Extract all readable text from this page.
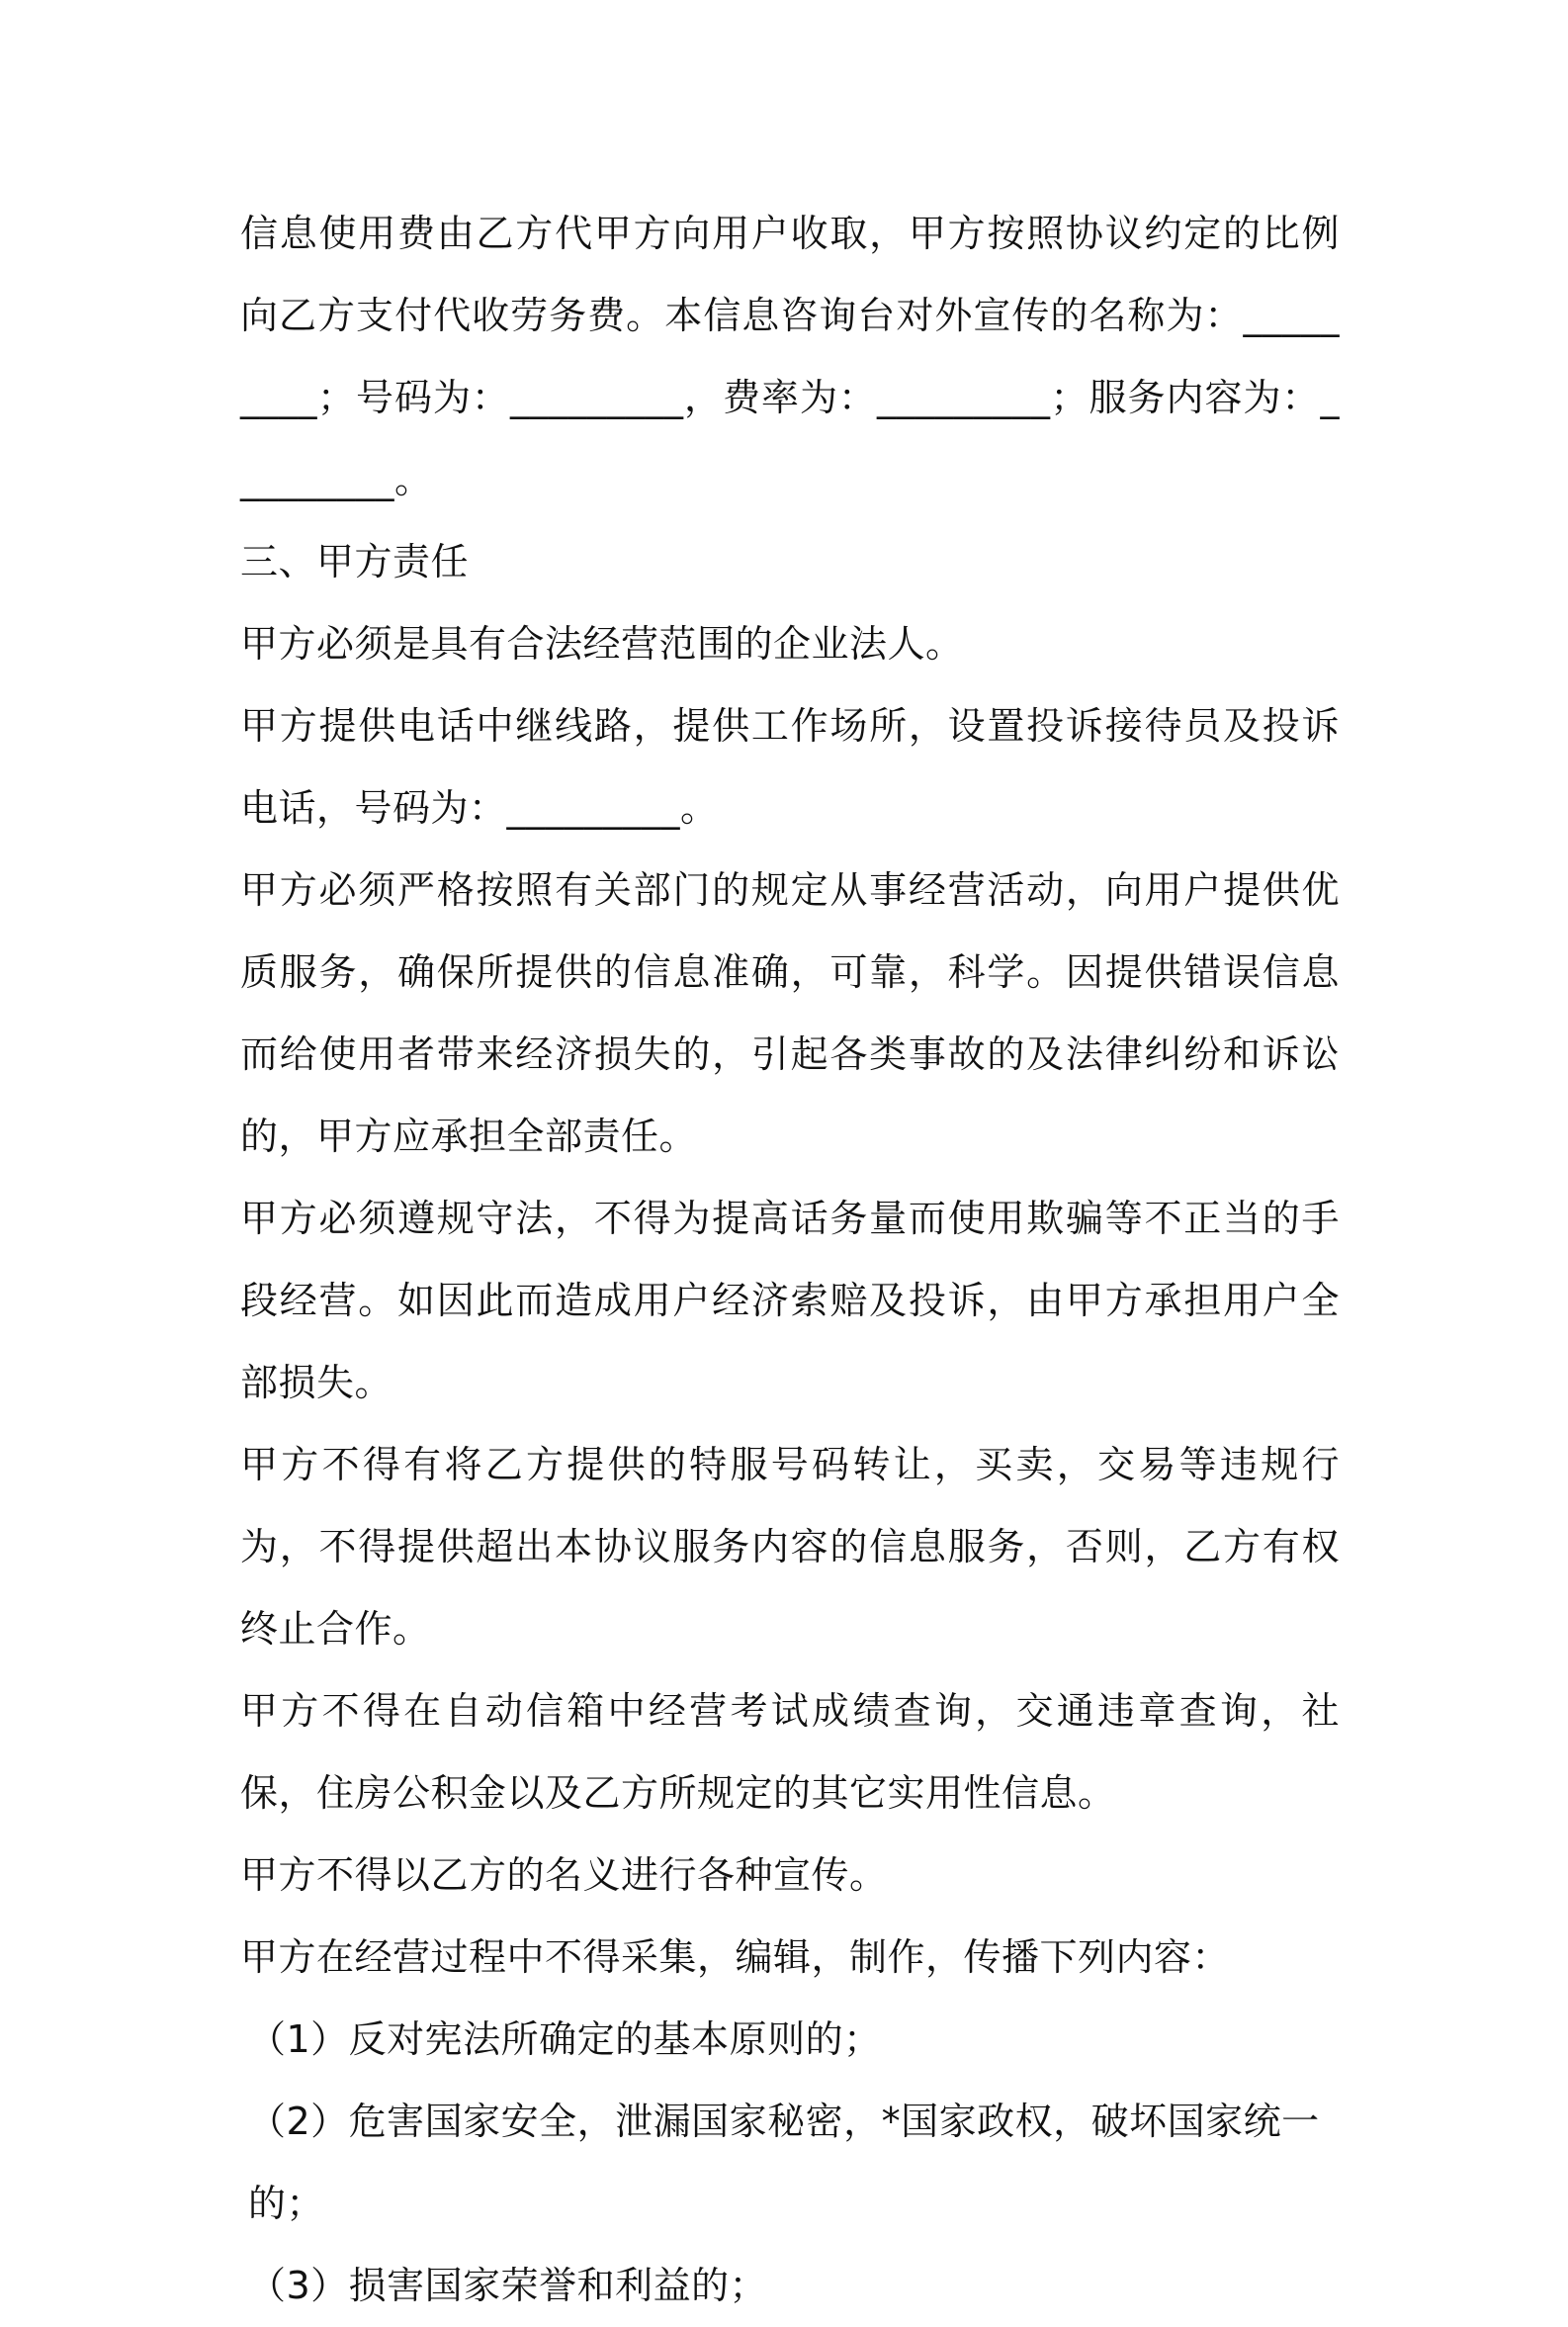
信息使用费由乙方代甲方向用户收取，甲方按照协议约定的比例向乙方支付代收劳务费。本信息咨询台对外宣传的名称为：_________；号码为：_________，费率为：_________；服务内容为：_________。

三、甲方责任

甲方必须是具有合法经营范围的企业法人。

甲方提供电话中继线路，提供工作场所，设置投诉接待员及投诉电话，号码为：_________。

甲方必须严格按照有关部门的规定从事经营活动，向用户提供优质服务，确保所提供的信息准确，可靠，科学。因提供错误信息而给使用者带来经济损失的，引起各类事故的及法律纠纷和诉讼的，甲方应承担全部责任。

甲方必须遵规守法，不得为提高话务量而使用欺骗等不正当的手段经营。如因此而造成用户经济索赔及投诉，由甲方承担用户全部损失。

甲方不得有将乙方提供的特服号码转让，买卖，交易等违规行为，不得提供超出本协议服务内容的信息服务，否则，乙方有权终止合作。

甲方不得在自动信箱中经营考试成绩查询，交通违章查询，社保，住房公积金以及乙方所规定的其它实用性信息。

甲方不得以乙方的名义进行各种宣传。

甲方在经营过程中不得采集，编辑，制作，传播下列内容：

（1）反对宪法所确定的基本原则的；

（2）危害国家安全，泄漏国家秘密，*国家政权，破坏国家统一的；

（3）损害国家荣誉和利益的；
